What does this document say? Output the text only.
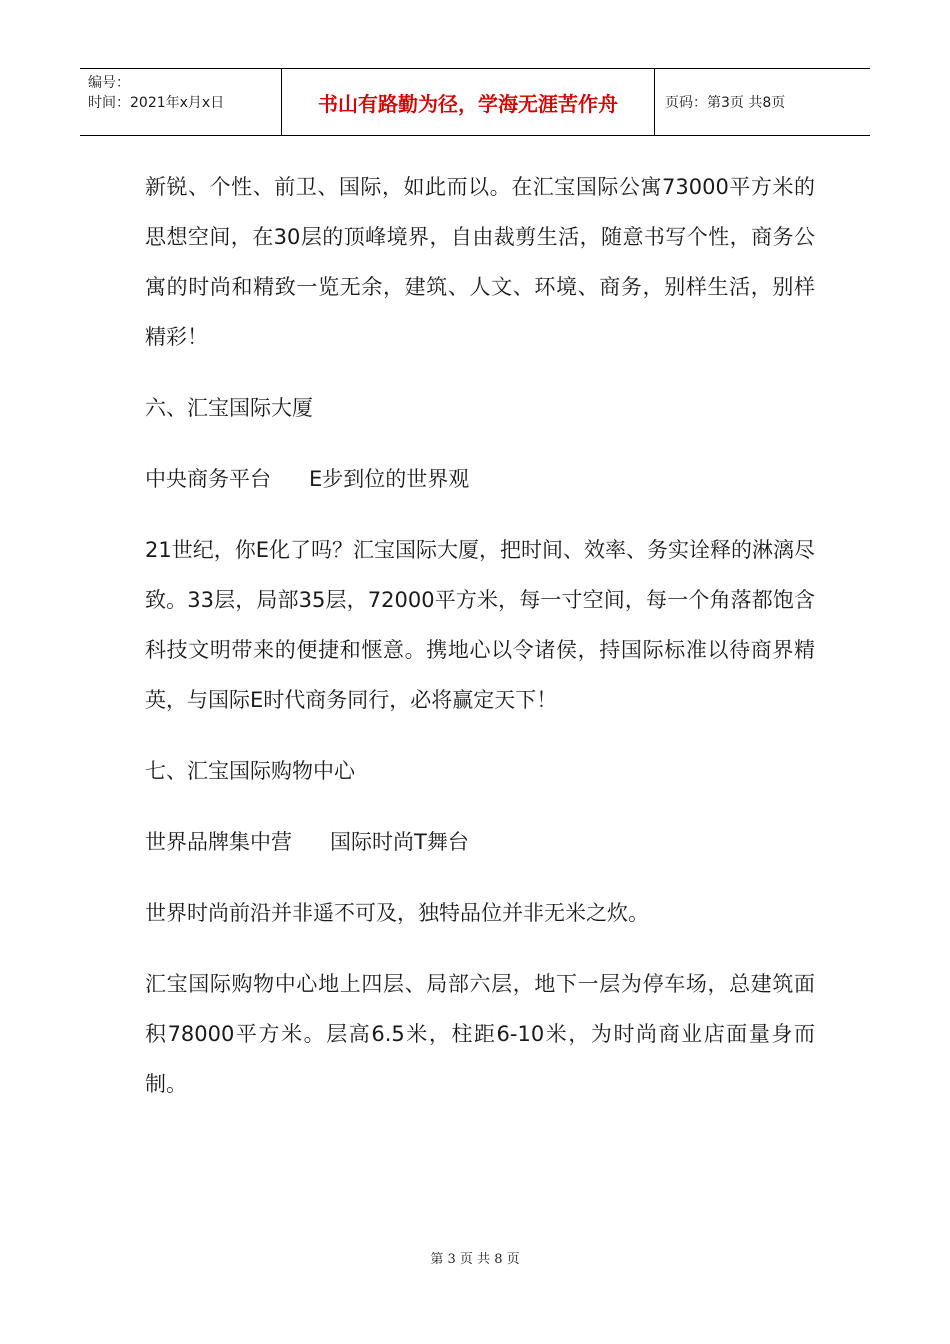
编号：
时间：2021年x月x日	书山有路勤为径，学海无涯苦作舟	页码：第3页 共8页

新锐、个性、前卫、国际，如此而以。在汇宝国际公寓73000平方米的思想空间，在30层的顶峰境界，自由裁剪生活，随意书写个性，商务公寓的时尚和精致一览无余，建筑、人文、环境、商务，别样生活，别样精彩！

六、汇宝国际大厦

中央商务平台 E步到位的世界观

21世纪，你E化了吗？汇宝国际大厦，把时间、效率、务实诠释的淋漓尽致。33层，局部35层，72000平方米，每一寸空间，每一个角落都饱含科技文明带来的便捷和惬意。携地心以令诸侯，持国际标准以待商界精英，与国际E时代商务同行，必将赢定天下！

七、汇宝国际购物中心

世界品牌集中营 国际时尚T舞台

世界时尚前沿并非遥不可及，独特品位并非无米之炊。

汇宝国际购物中心地上四层、局部六层，地下一层为停车场，总建筑面积78000平方米。层高6.5米，柱距6-10米，为时尚商业店面量身而制。

第 3 页 共 8 页
